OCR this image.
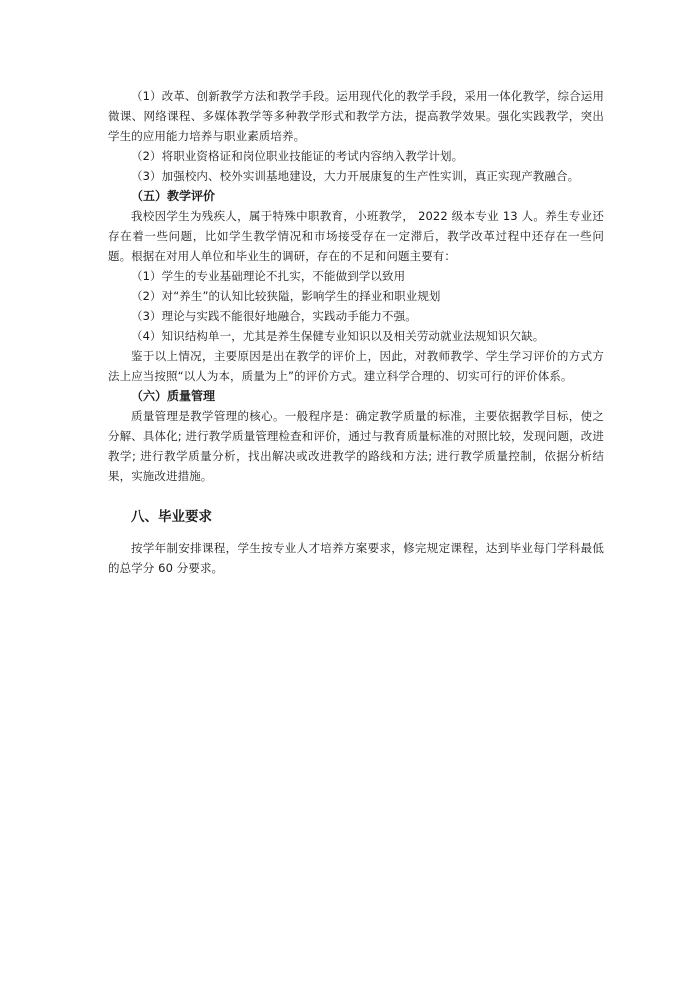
（1）改革、创新教学方法和教学手段。运用现代化的教学手段，采用一体化教学，综合运用微课、网络课程、多媒体教学等多种教学形式和教学方法，提高教学效果。强化实践教学，突出学生的应用能力培养与职业素质培养。

（2）将职业资格证和岗位职业技能证的考试内容纳入教学计划。

（3）加强校内、校外实训基地建设，大力开展康复的生产性实训，真正实现产教融合。

（五）教学评价

我校因学生为残疾人，属于特殊中职教育，小班教学， 2022 级本专业 13 人。养生专业还存在着一些问题，比如学生教学情况和市场接受存在一定滞后，教学改革过程中还存在一些问题。根据在对用人单位和毕业生的调研，存在的不足和问题主要有：

（1）学生的专业基础理论不扎实，不能做到学以致用

（2）对“养生”的认知比较狭隘，影响学生的择业和职业规划

（3）理论与实践不能很好地融合，实践动手能力不强。

（4）知识结构单一，尤其是养生保健专业知识以及相关劳动就业法规知识欠缺。

鉴于以上情况，主要原因是出在教学的评价上，因此，对教师教学、学生学习评价的方式方法上应当按照“以人为本，质量为上”的评价方式。建立科学合理的、切实可行的评价体系。

（六）质量管理

质量管理是教学管理的核心。一般程序是：确定教学质量的标准，主要依据教学目标，使之分解、具体化; 进行教学质量管理检查和评价，通过与教育质量标准的对照比较，发现问题，改进教学; 进行教学质量分析，找出解决或改进教学的路线和方法; 进行教学质量控制，依据分析结果，实施改进措施。

八、毕业要求

按学年制安排课程，学生按专业人才培养方案要求，修完规定课程，达到毕业每门学科最低的总学分 60 分要求。
